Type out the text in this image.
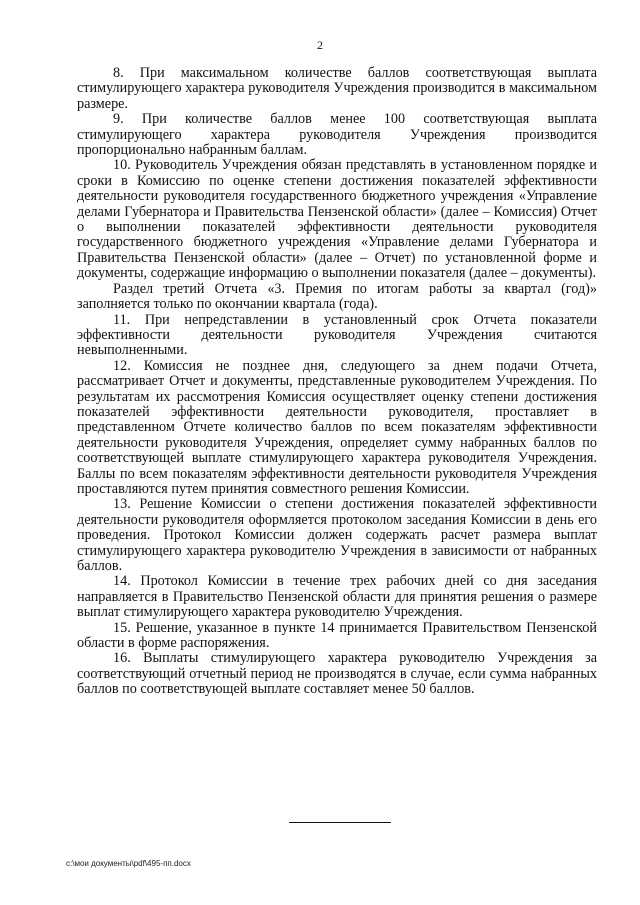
2

8. При максимальном количестве баллов соответствующая выплата стимулирующего характера руководителя Учреждения производится в максимальном размере.

9. При количестве баллов менее 100 соответствующая выплата стимулирующего характера руководителя Учреждения производится пропорционально набранным баллам.

10. Руководитель Учреждения обязан представлять в установленном порядке и сроки в Комиссию по оценке степени достижения показателей эффективности деятельности руководителя государственного бюджетного учреждения «Управление делами Губернатора и Правительства Пензенской области» (далее – Комиссия) Отчет о выполнении показателей эффективности деятельности руководителя государственного бюджетного учреждения «Управление делами Губернатора и Правительства Пензенской области» (далее – Отчет) по установленной форме и документы, содержащие информацию о выполнении показателя (далее – документы).

Раздел третий Отчета «3. Премия по итогам работы за квартал (год)» заполняется только по окончании квартала (года).

11. При непредставлении в установленный срок Отчета показатели эффективности деятельности руководителя Учреждения считаются невыполненными.

12. Комиссия не позднее дня, следующего за днем подачи Отчета, рассматривает Отчет и документы, представленные руководителем Учреждения. По результатам их рассмотрения Комиссия осуществляет оценку степени достижения показателей эффективности деятельности руководителя, проставляет в представленном Отчете количество баллов по всем показателям эффективности деятельности руководителя Учреждения, определяет сумму набранных баллов по соответствующей выплате стимулирующего характера руководителя Учреждения. Баллы по всем показателям эффективности деятельности руководителя Учреждения проставляются путем принятия совместного решения Комиссии.

13. Решение Комиссии о степени достижения показателей эффективности деятельности руководителя оформляется протоколом заседания Комиссии в день его проведения. Протокол Комиссии должен содержать расчет размера выплат стимулирующего характера руководителю Учреждения в зависимости от набранных баллов.

14. Протокол Комиссии в течение трех рабочих дней со дня заседания направляется в Правительство Пензенской области для принятия решения о размере выплат стимулирующего характера руководителю Учреждения.

15. Решение, указанное в пункте 14 принимается Правительством Пензенской области в форме распоряжения.

16. Выплаты стимулирующего характера руководителю Учреждения за соответствующий отчетный период не производятся в случае, если сумма набранных баллов по соответствующей выплате составляет менее 50 баллов.

c:\мои документы\pdf\495-пп.docx
